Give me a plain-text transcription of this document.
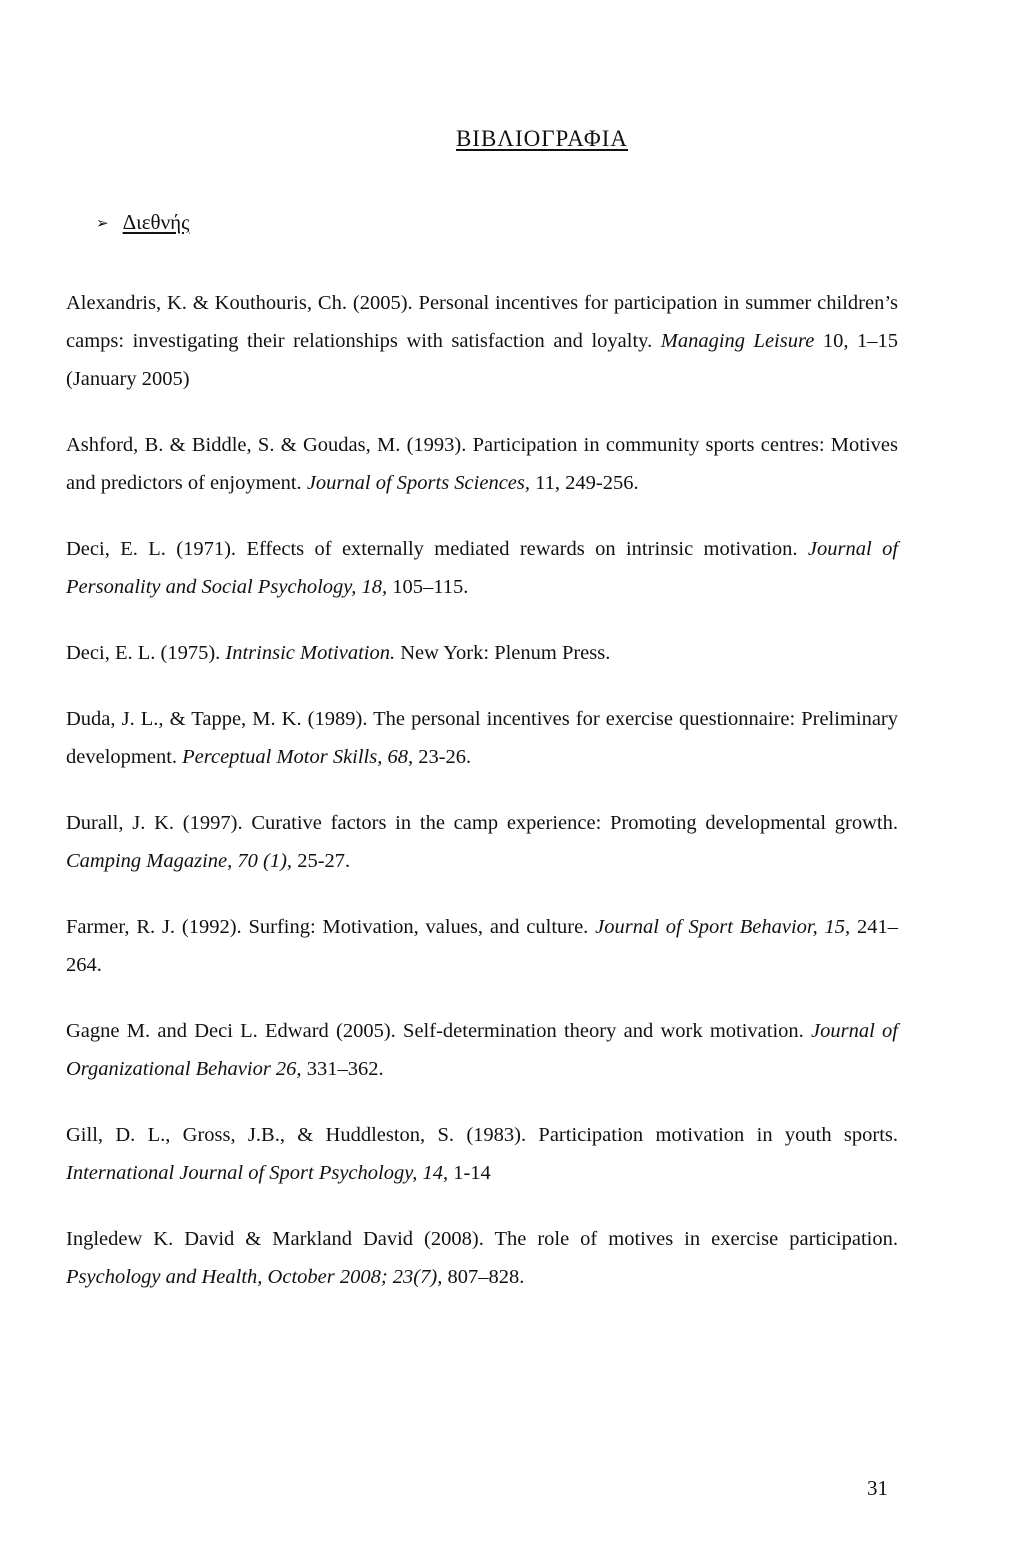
ΒΙΒΛΙΟΓΡΑΦΙΑ
➢ Διεθνής

Alexandris, K. & Kouthouris, Ch. (2005). Personal incentives for participation in summer children’s camps: investigating their relationships with satisfaction and loyalty. Managing Leisure 10, 1–15 (January 2005)

Ashford, B. & Biddle, S. & Goudas, M. (1993). Participation in community sports centres: Motives and predictors of enjoyment. Journal of Sports Sciences, 11, 249-256.

Deci, E. L. (1971). Effects of externally mediated rewards on intrinsic motivation. Journal of Personality and Social Psychology, 18, 105–115.

Deci, E. L. (1975). Intrinsic Motivation. New York: Plenum Press.

Duda, J. L., & Tappe, M. K. (1989). The personal incentives for exercise questionnaire: Preliminary development. Perceptual Motor Skills, 68, 23-26.

Durall, J. K. (1997). Curative factors in the camp experience: Promoting developmental growth. Camping Magazine, 70 (1), 25-27.

Farmer, R. J. (1992). Surfing: Motivation, values, and culture. Journal of Sport Behavior, 15, 241–264.

Gagne M. and Deci L. Edward (2005). Self-determination theory and work motivation. Journal of Organizational Behavior 26, 331–362.

Gill, D. L., Gross, J.B., & Huddleston, S. (1983). Participation motivation in youth sports. International Journal of Sport Psychology, 14, 1-14

Ingledew K. David & Markland David (2008). The role of motives in exercise participation. Psychology and Health, October 2008; 23(7), 807–828.

31
